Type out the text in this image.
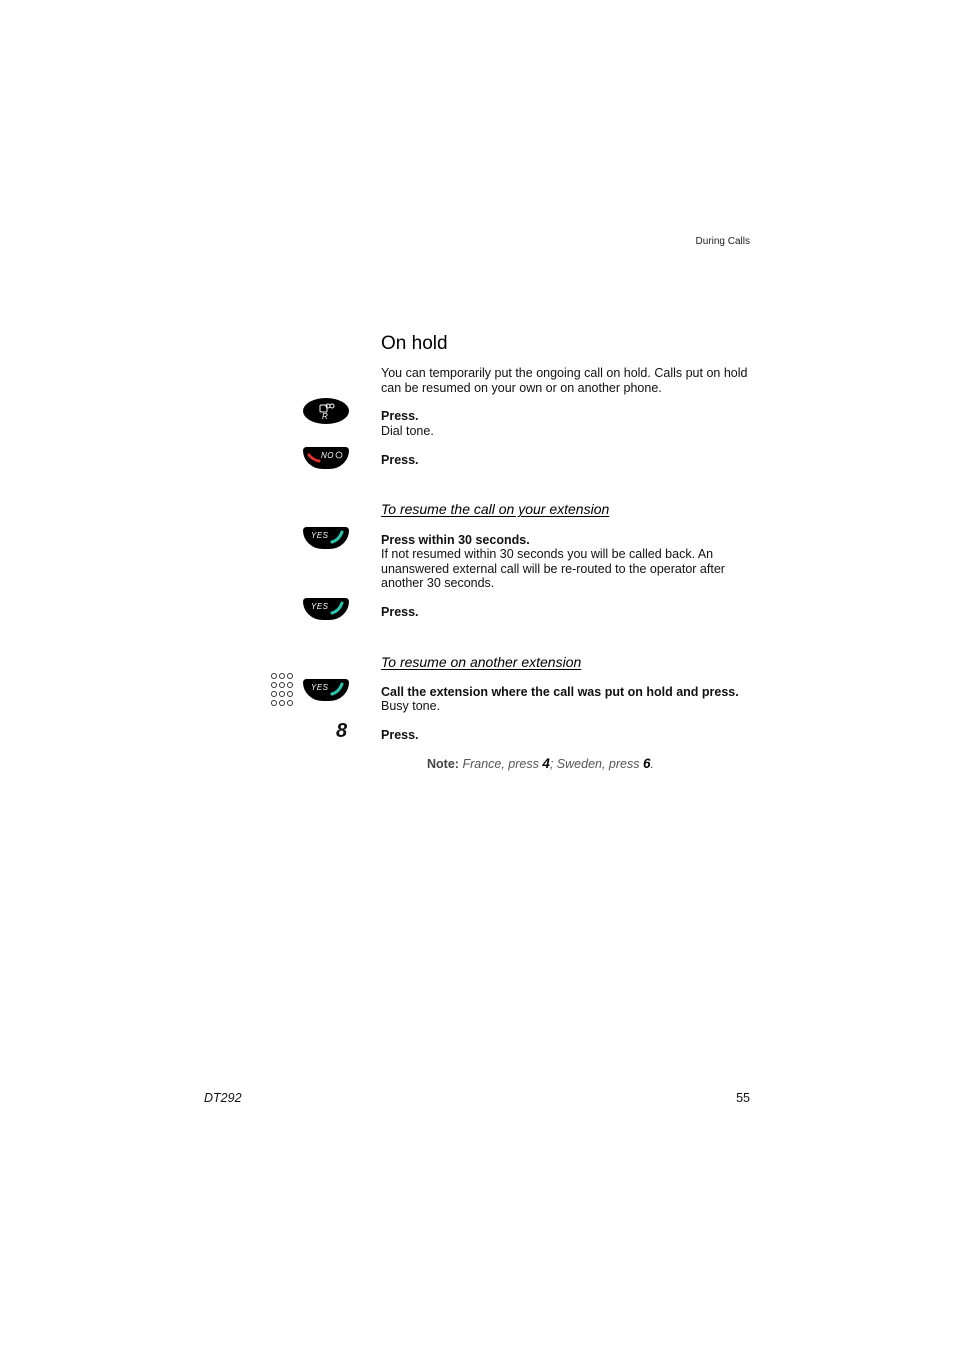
During Calls
On hold
You can temporarily put the ongoing call on hold. Calls put on hold can be resumed on your own or on another phone.
R	Press.
Dial tone.
NO	Press.
To resume the call on your extension
YES	Press within 30 seconds.
If not resumed within 30 seconds you will be called back. An unanswered external call will be re-routed to the operator after another 30 seconds.
YES	Press.
To resume on another extension
YES	Call the extension where the call was put on hold and press.
Busy tone.
8	Press.
Note: France, press 4; Sweden, press 6.
DT292	55
